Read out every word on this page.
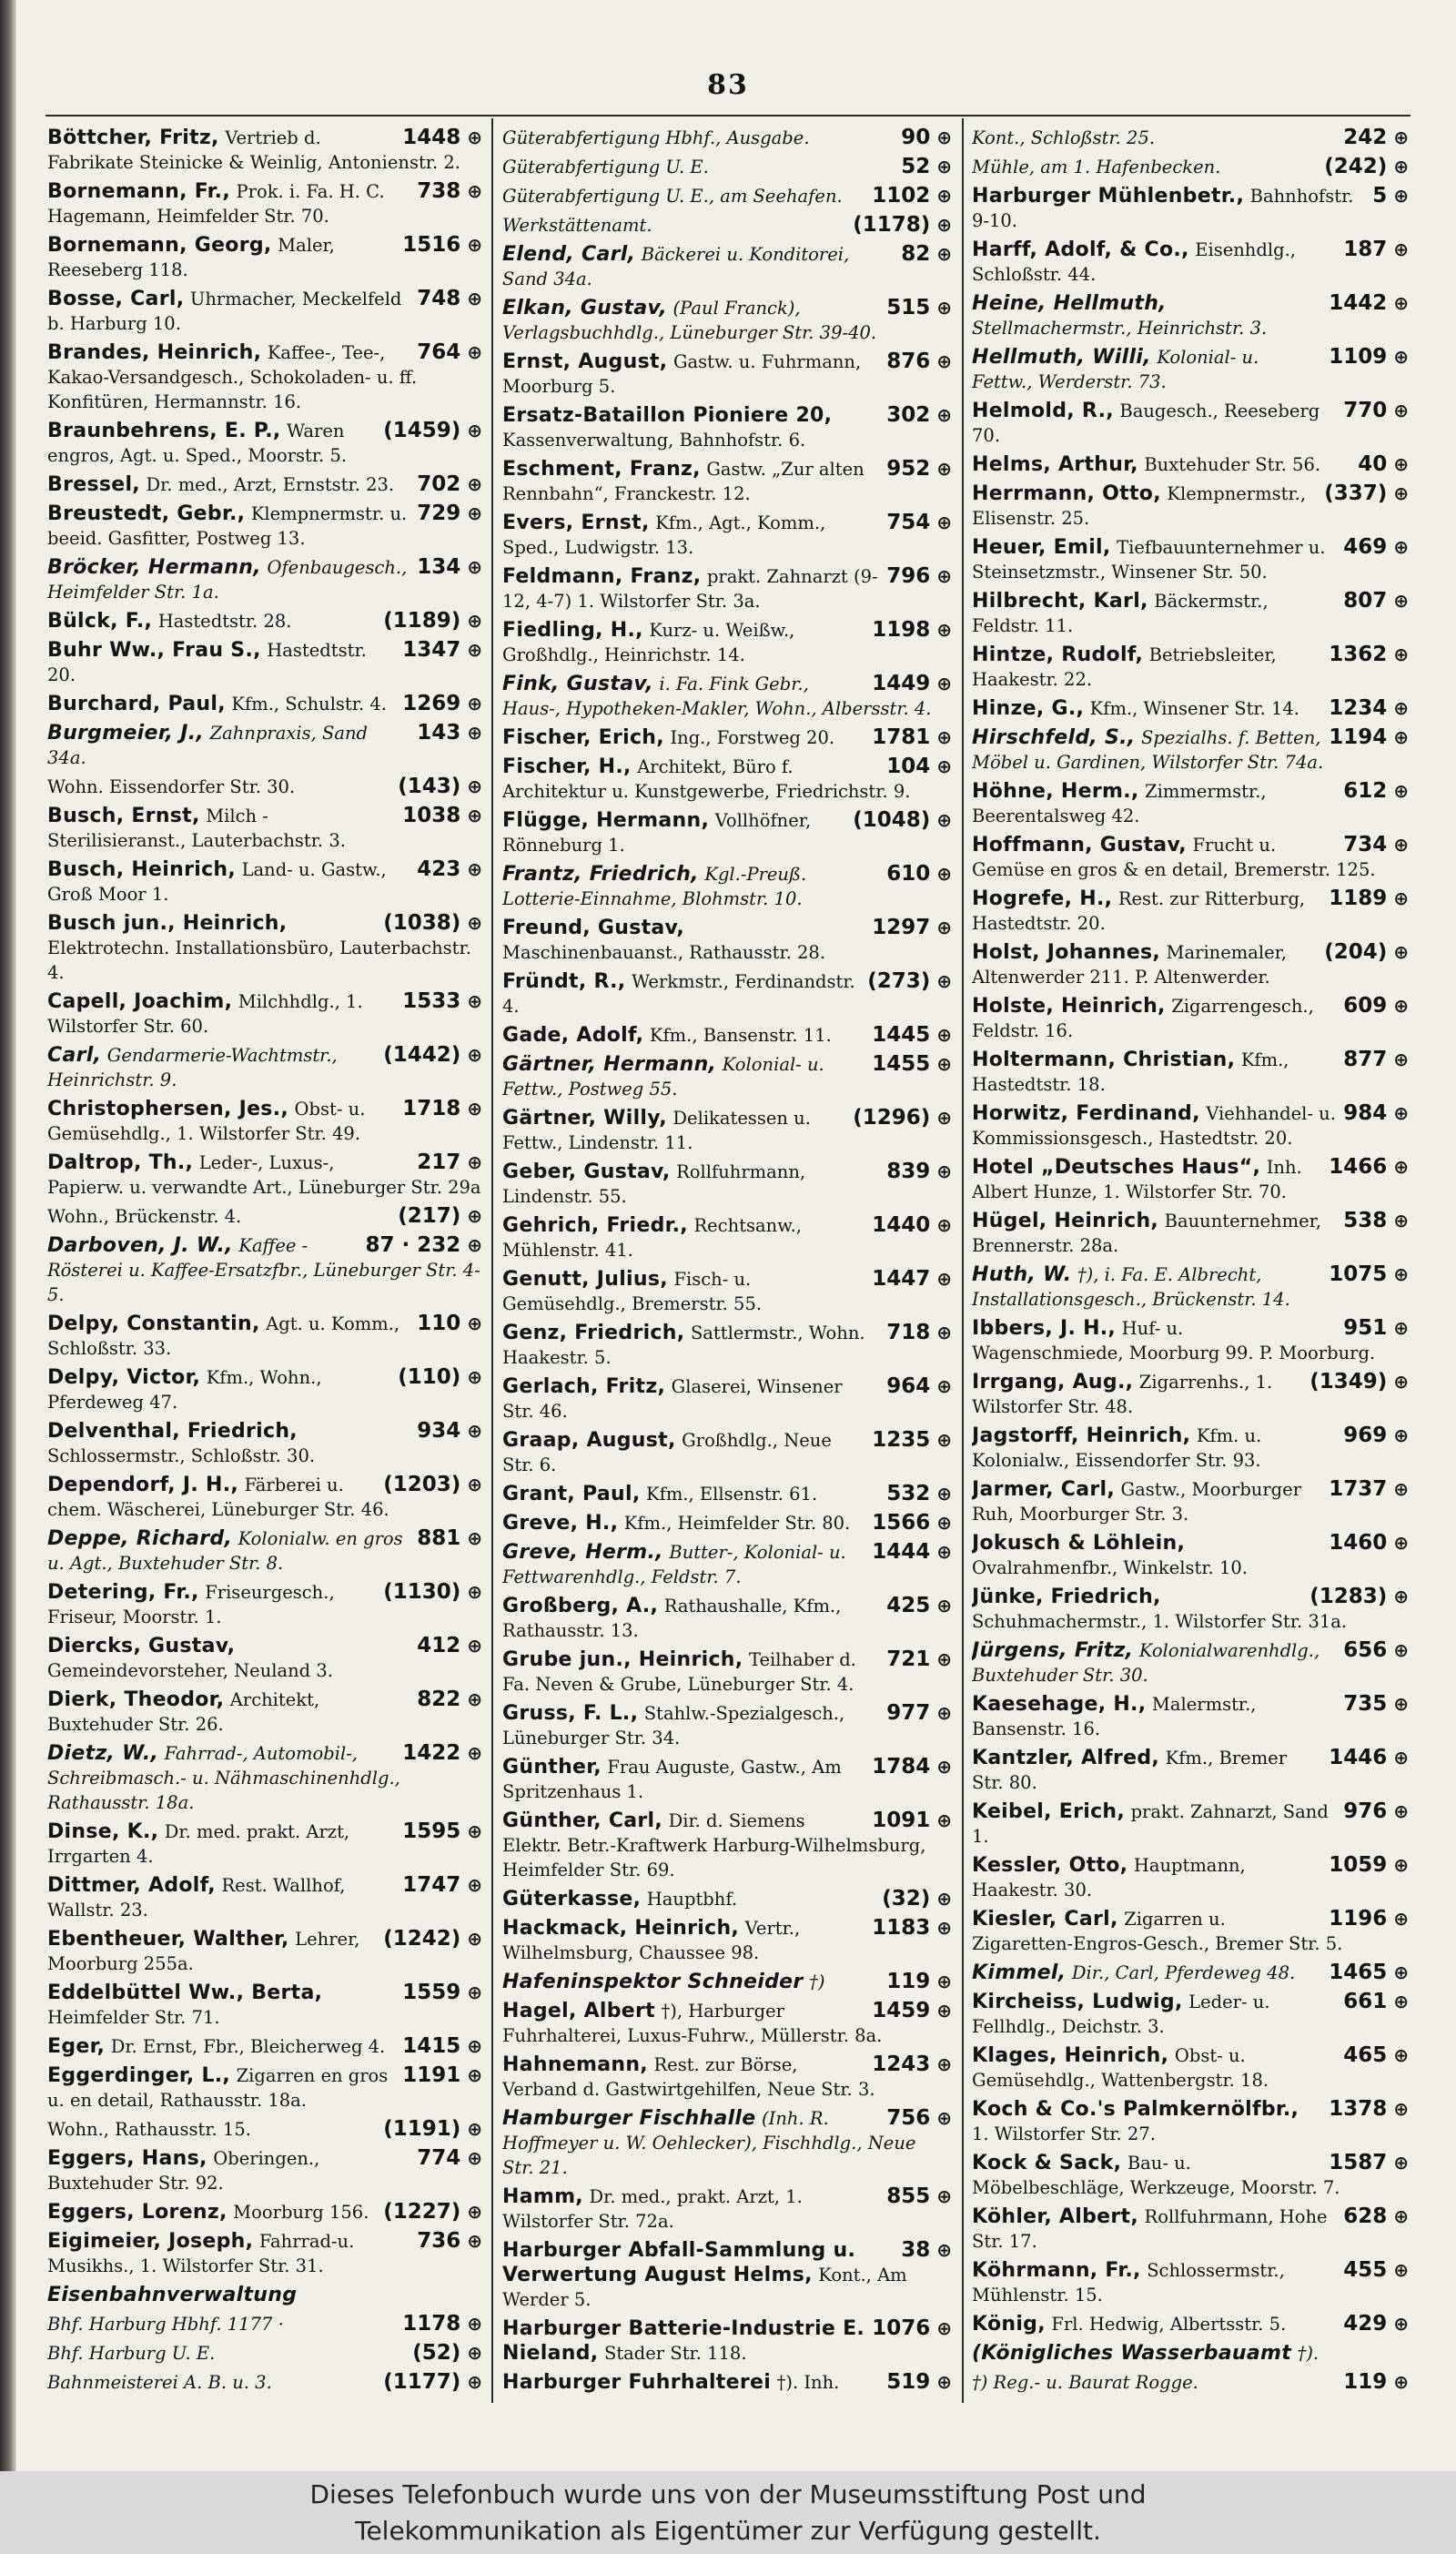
83
1448 ⊕
Böttcher, Fritz, Vertrieb d. Fabrikate Steinicke & Weinlig, Antonienstr. 2.
738 ⊕
Bornemann, Fr., Prok. i. Fa. H. C. Hagemann, Heimfelder Str. 70.
1516 ⊕
Bornemann, Georg, Maler, Reeseberg 118.
748 ⊕
Bosse, Carl, Uhrmacher, Meckelfeld b. Harburg 10.
764 ⊕
Brandes, Heinrich, Kaffee-, Tee-, Kakao-Versandgesch., Schokoladen- u. ff. Konfitüren, Hermannstr. 16.
(1459) ⊕
Braunbehrens, E. P., Waren engros, Agt. u. Sped., Moorstr. 5.
702 ⊕
Bressel, Dr. med., Arzt, Ernststr. 23.
729 ⊕
Breustedt, Gebr., Klempnermstr. u. beeid. Gasfitter, Postweg 13.
134 ⊕
Bröcker, Hermann, Ofenbaugesch., Heimfelder Str. 1a.
(1189) ⊕
Bülck, F., Hastedtstr. 28.
1347 ⊕
Buhr Ww., Frau S., Hastedtstr. 20.
1269 ⊕
Burchard, Paul, Kfm., Schulstr. 4.
143 ⊕
Burgmeier, J., Zahnpraxis, Sand 34a.
(143) ⊕
Wohn. Eissendorfer Str. 30.
1038 ⊕
Busch, Ernst, Milch - Sterilisieranst., Lauterbachstr. 3.
423 ⊕
Busch, Heinrich, Land- u. Gastw., Groß Moor 1.
(1038) ⊕
Busch jun., Heinrich, Elektrotechn. Installationsbüro, Lauterbachstr. 4.
1533 ⊕
Capell, Joachim, Milchhdlg., 1. Wilstorfer Str. 60.
(1442) ⊕
Carl, Gendarmerie-Wachtmstr., Heinrichstr. 9.
1718 ⊕
Christophersen, Jes., Obst- u. Gemüsehdlg., 1. Wilstorfer Str. 49.
217 ⊕
Daltrop, Th., Leder-, Luxus-, Papierw. u. verwandte Art., Lüneburger Str. 29a
(217) ⊕
Wohn., Brückenstr. 4.
87 · 232 ⊕
Darboven, J. W., Kaffee - Rösterei u. Kaffee-Ersatzfbr., Lüneburger Str. 4-5.
110 ⊕
Delpy, Constantin, Agt. u. Komm., Schloßstr. 33.
(110) ⊕
Delpy, Victor, Kfm., Wohn., Pferdeweg 47.
934 ⊕
Delventhal, Friedrich, Schlossermstr., Schloßstr. 30.
(1203) ⊕
Dependorf, J. H., Färberei u. chem. Wäscherei, Lüneburger Str. 46.
881 ⊕
Deppe, Richard, Kolonialw. en gros u. Agt., Buxtehuder Str. 8.
(1130) ⊕
Detering, Fr., Friseurgesch., Friseur, Moorstr. 1.
412 ⊕
Diercks, Gustav, Gemeindevorsteher, Neuland 3.
822 ⊕
Dierk, Theodor, Architekt, Buxtehuder Str. 26.
1422 ⊕
Dietz, W., Fahrrad-, Automobil-, Schreibmasch.- u. Nähmaschinenhdlg., Rathausstr. 18a.
1595 ⊕
Dinse, K., Dr. med. prakt. Arzt, Irrgarten 4.
1747 ⊕
Dittmer, Adolf, Rest. Wallhof, Wallstr. 23.
(1242) ⊕
Ebentheuer, Walther, Lehrer, Moorburg 255a.
1559 ⊕
Eddelbüttel Ww., Berta, Heimfelder Str. 71.
1415 ⊕
Eger, Dr. Ernst, Fbr., Bleicherweg 4.
1191 ⊕
Eggerdinger, L., Zigarren en gros u. en detail, Rathausstr. 18a.
(1191) ⊕
Wohn., Rathausstr. 15.
774 ⊕
Eggers, Hans, Oberingen., Buxtehuder Str. 92.
(1227) ⊕
Eggers, Lorenz, Moorburg 156.
736 ⊕
Eigimeier, Joseph, Fahrrad-u. Musikhs., 1. Wilstorfer Str. 31.
Eisenbahnverwaltung
1178 ⊕
Bhf. Harburg Hbhf. 1177 ·
(52) ⊕
Bhf. Harburg U. E.
(1177) ⊕
Bahnmeisterei A. B. u. 3.
90 ⊕
Güterabfertigung Hbhf., Ausgabe.
52 ⊕
Güterabfertigung U. E.
1102 ⊕
Güterabfertigung U. E., am Seehafen.
(1178) ⊕
Werkstättenamt.
82 ⊕
Elend, Carl, Bäckerei u. Konditorei, Sand 34a.
515 ⊕
Elkan, Gustav, (Paul Franck), Verlagsbuchhdlg., Lüneburger Str. 39-40.
876 ⊕
Ernst, August, Gastw. u. Fuhrmann, Moorburg 5.
302 ⊕
Ersatz-Bataillon Pioniere 20, Kassenverwaltung, Bahnhofstr. 6.
952 ⊕
Eschment, Franz, Gastw. „Zur alten Rennbahn“, Franckestr. 12.
754 ⊕
Evers, Ernst, Kfm., Agt., Komm., Sped., Ludwigstr. 13.
796 ⊕
Feldmann, Franz, prakt. Zahnarzt (9-12, 4-7) 1. Wilstorfer Str. 3a.
1198 ⊕
Fiedling, H., Kurz- u. Weißw., Großhdlg., Heinrichstr. 14.
1449 ⊕
Fink, Gustav, i. Fa. Fink Gebr., Haus-, Hypotheken-Makler, Wohn., Albersstr. 4.
1781 ⊕
Fischer, Erich, Ing., Forstweg 20.
104 ⊕
Fischer, H., Architekt, Büro f. Architektur u. Kunstgewerbe, Friedrichstr. 9.
(1048) ⊕
Flügge, Hermann, Vollhöfner, Rönneburg 1.
610 ⊕
Frantz, Friedrich, Kgl.-Preuß. Lotterie-Einnahme, Blohmstr. 10.
1297 ⊕
Freund, Gustav, Maschinenbauanst., Rathausstr. 28.
(273) ⊕
Fründt, R., Werkmstr., Ferdinandstr. 4.
1445 ⊕
Gade, Adolf, Kfm., Bansenstr. 11.
1455 ⊕
Gärtner, Hermann, Kolonial- u. Fettw., Postweg 55.
(1296) ⊕
Gärtner, Willy, Delikatessen u. Fettw., Lindenstr. 11.
839 ⊕
Geber, Gustav, Rollfuhrmann, Lindenstr. 55.
1440 ⊕
Gehrich, Friedr., Rechtsanw., Mühlenstr. 41.
1447 ⊕
Genutt, Julius, Fisch- u. Gemüsehdlg., Bremerstr. 55.
718 ⊕
Genz, Friedrich, Sattlermstr., Wohn. Haakestr. 5.
964 ⊕
Gerlach, Fritz, Glaserei, Winsener Str. 46.
1235 ⊕
Graap, August, Großhdlg., Neue Str. 6.
532 ⊕
Grant, Paul, Kfm., Ellsenstr. 61.
1566 ⊕
Greve, H., Kfm., Heimfelder Str. 80.
1444 ⊕
Greve, Herm., Butter-, Kolonial- u. Fettwarenhdlg., Feldstr. 7.
425 ⊕
Großberg, A., Rathaushalle, Kfm., Rathausstr. 13.
721 ⊕
Grube jun., Heinrich, Teilhaber d. Fa. Neven & Grube, Lüneburger Str. 4.
977 ⊕
Gruss, F. L., Stahlw.-Spezialgesch., Lüneburger Str. 34.
1784 ⊕
Günther, Frau Auguste, Gastw., Am Spritzenhaus 1.
1091 ⊕
Günther, Carl, Dir. d. Siemens Elektr. Betr.-Kraftwerk Harburg-Wilhelmsburg, Heimfelder Str. 69.
(32) ⊕
Güterkasse, Hauptbhf.
1183 ⊕
Hackmack, Heinrich, Vertr., Wilhelmsburg, Chaussee 98.
119 ⊕
Hafeninspektor Schneider †)
1459 ⊕
Hagel, Albert †), Harburger Fuhrhalterei, Luxus-Fuhrw., Müllerstr. 8a.
1243 ⊕
Hahnemann, Rest. zur Börse, Verband d. Gastwirtgehilfen, Neue Str. 3.
756 ⊕
Hamburger Fischhalle (Inh. R. Hoffmeyer u. W. Oehlecker), Fischhdlg., Neue Str. 21.
855 ⊕
Hamm, Dr. med., prakt. Arzt, 1. Wilstorfer Str. 72a.
38 ⊕
Harburger Abfall-Sammlung u. Verwertung August Helms, Kont., Am Werder 5.
1076 ⊕
Harburger Batterie-Industrie E. Nieland, Stader Str. 118.
519 ⊕
Harburger Fuhrhalterei †). Inh.
242 ⊕
Kont., Schloßstr. 25.
(242) ⊕
Mühle, am 1. Hafenbecken.
5 ⊕
Harburger Mühlenbetr., Bahnhofstr. 9-10.
187 ⊕
Harff, Adolf, & Co., Eisenhdlg., Schloßstr. 44.
1442 ⊕
Heine, Hellmuth, Stellmachermstr., Heinrichstr. 3.
1109 ⊕
Hellmuth, Willi, Kolonial- u. Fettw., Werderstr. 73.
770 ⊕
Helmold, R., Baugesch., Reeseberg 70.
40 ⊕
Helms, Arthur, Buxtehuder Str. 56.
(337) ⊕
Herrmann, Otto, Klempnermstr., Elisenstr. 25.
469 ⊕
Heuer, Emil, Tiefbauunternehmer u. Steinsetzmstr., Winsener Str. 50.
807 ⊕
Hilbrecht, Karl, Bäckermstr., Feldstr. 11.
1362 ⊕
Hintze, Rudolf, Betriebsleiter, Haakestr. 22.
1234 ⊕
Hinze, G., Kfm., Winsener Str. 14.
1194 ⊕
Hirschfeld, S., Spezialhs. f. Betten, Möbel u. Gardinen, Wilstorfer Str. 74a.
612 ⊕
Höhne, Herm., Zimmermstr., Beerentalsweg 42.
734 ⊕
Hoffmann, Gustav, Frucht u. Gemüse en gros & en detail, Bremerstr. 125.
1189 ⊕
Hogrefe, H., Rest. zur Ritterburg, Hastedtstr. 20.
(204) ⊕
Holst, Johannes, Marinemaler, Altenwerder 211. P. Altenwerder.
609 ⊕
Holste, Heinrich, Zigarrengesch., Feldstr. 16.
877 ⊕
Holtermann, Christian, Kfm., Hastedtstr. 18.
984 ⊕
Horwitz, Ferdinand, Viehhandel- u. Kommissionsgesch., Hastedtstr. 20.
1466 ⊕
Hotel „Deutsches Haus“, Inh. Albert Hunze, 1. Wilstorfer Str. 70.
538 ⊕
Hügel, Heinrich, Bauunternehmer, Brennerstr. 28a.
1075 ⊕
Huth, W. †), i. Fa. E. Albrecht, Installationsgesch., Brückenstr. 14.
951 ⊕
Ibbers, J. H., Huf- u. Wagenschmiede, Moorburg 99. P. Moorburg.
(1349) ⊕
Irrgang, Aug., Zigarrenhs., 1. Wilstorfer Str. 48.
969 ⊕
Jagstorff, Heinrich, Kfm. u. Kolonialw., Eissendorfer Str. 93.
1737 ⊕
Jarmer, Carl, Gastw., Moorburger Ruh, Moorburger Str. 3.
1460 ⊕
Jokusch & Löhlein, Ovalrahmenfbr., Winkelstr. 10.
(1283) ⊕
Jünke, Friedrich, Schuhmachermstr., 1. Wilstorfer Str. 31a.
656 ⊕
Jürgens, Fritz, Kolonialwarenhdlg., Buxtehuder Str. 30.
735 ⊕
Kaesehage, H., Malermstr., Bansenstr. 16.
1446 ⊕
Kantzler, Alfred, Kfm., Bremer Str. 80.
976 ⊕
Keibel, Erich, prakt. Zahnarzt, Sand 1.
1059 ⊕
Kessler, Otto, Hauptmann, Haakestr. 30.
1196 ⊕
Kiesler, Carl, Zigarren u. Zigaretten-Engros-Gesch., Bremer Str. 5.
1465 ⊕
Kimmel, Dir., Carl, Pferdeweg 48.
661 ⊕
Kircheiss, Ludwig, Leder- u. Fellhdlg., Deichstr. 3.
465 ⊕
Klages, Heinrich, Obst- u. Gemüsehdlg., Wattenbergstr. 18.
1378 ⊕
Koch & Co.'s Palmkernölfbr., 1. Wilstorfer Str. 27.
1587 ⊕
Kock & Sack, Bau- u. Möbelbeschläge, Werkzeuge, Moorstr. 7.
628 ⊕
Köhler, Albert, Rollfuhrmann, Hohe Str. 17.
455 ⊕
Köhrmann, Fr., Schlossermstr., Mühlenstr. 15.
429 ⊕
König, Frl. Hedwig, Albertsstr. 5.
(Königliches Wasserbauamt †).
119 ⊕
†) Reg.- u. Baurat Rogge.
Dieses Telefonbuch wurde uns von der Museumsstiftung Post und
Telekommunikation als Eigentümer zur Verfügung gestellt.
